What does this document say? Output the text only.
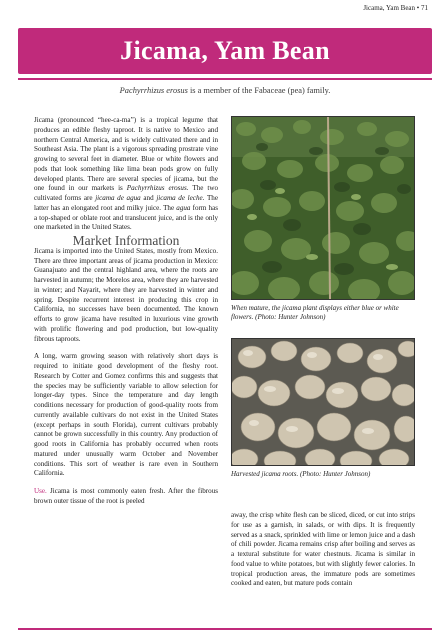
Jicama, Yam Bean • 71
Jicama, Yam Bean
Pachyrrhizus erosus is a member of the Fabaceae (pea) family.

Jicama (pronounced “hee-ca-ma”) is a tropical legume that produces an edible fleshy taproot. It is native to Mexico and northern Central America, and is widely cultivated there and in Southeast Asia. The plant is a vigorous spreading prostrate vine growing to several feet in diameter. Blue or white flowers and pods that look something like lima bean pods grow on fully developed plants. There are several species of jicama, but the one found in our markets is Pachyrrhizus erosus. The two cultivated forms are jicama de agua and jicama de leche. The latter has an elongated root and milky juice. The agua form has a top-shaped or oblate root and translucent juice, and is the only one marketed in the United States.

Market Information

Jicama is imported into the United States, mostly from Mexico. There are three important areas of jicama production in Mexico: Guanajuato and the central highland area, where the roots are harvested in autumn; the Morelos area, where they are harvested in winter; and Nayarit, where they are harvested in winter and spring. Despite recurrent interest in producing this crop in California, no successes have been documented. The known efforts to grow jicama have resulted in luxurious vine growth with prolific flowering and pod production, but low-quality fibrous taproots.

A long, warm growing season with relatively short days is required to initiate good development of the fleshy root. Research by Cotter and Gomez confirms this and suggests that the species may be sufficiently variable to allow selection for longer-day types. Since the temperature and day length conditions necessary for production of good-quality roots from currently available cultivars do not exist in the United States (except perhaps in south Florida), current cultivars probably cannot be grown successfully in this country. Any production of good roots in California has probably occurred when roots matured under unusually warm October and November conditions. This sort of weather is rare even in Southern California.

Use. Jicama is most commonly eaten fresh. After the fibrous brown outer tissue of the root is peeled

When mature, the jicama plant displays either blue or white flowers. (Photo: Hunter Johnson)

Harvested jicama roots. (Photo: Hunter Johnson)

away, the crisp white flesh can be sliced, diced, or cut into strips for use as a garnish, in salads, or with dips. It is frequently served as a snack, sprinkled with lime or lemon juice and a dash of chili powder. Jicama remains crisp after boiling and serves as a textural substitute for water chestnuts. Jicama is similar in food value to white potatoes, but with slightly fewer calories. In tropical production areas, the immature pods are sometimes cooked and eaten, but mature pods contain
